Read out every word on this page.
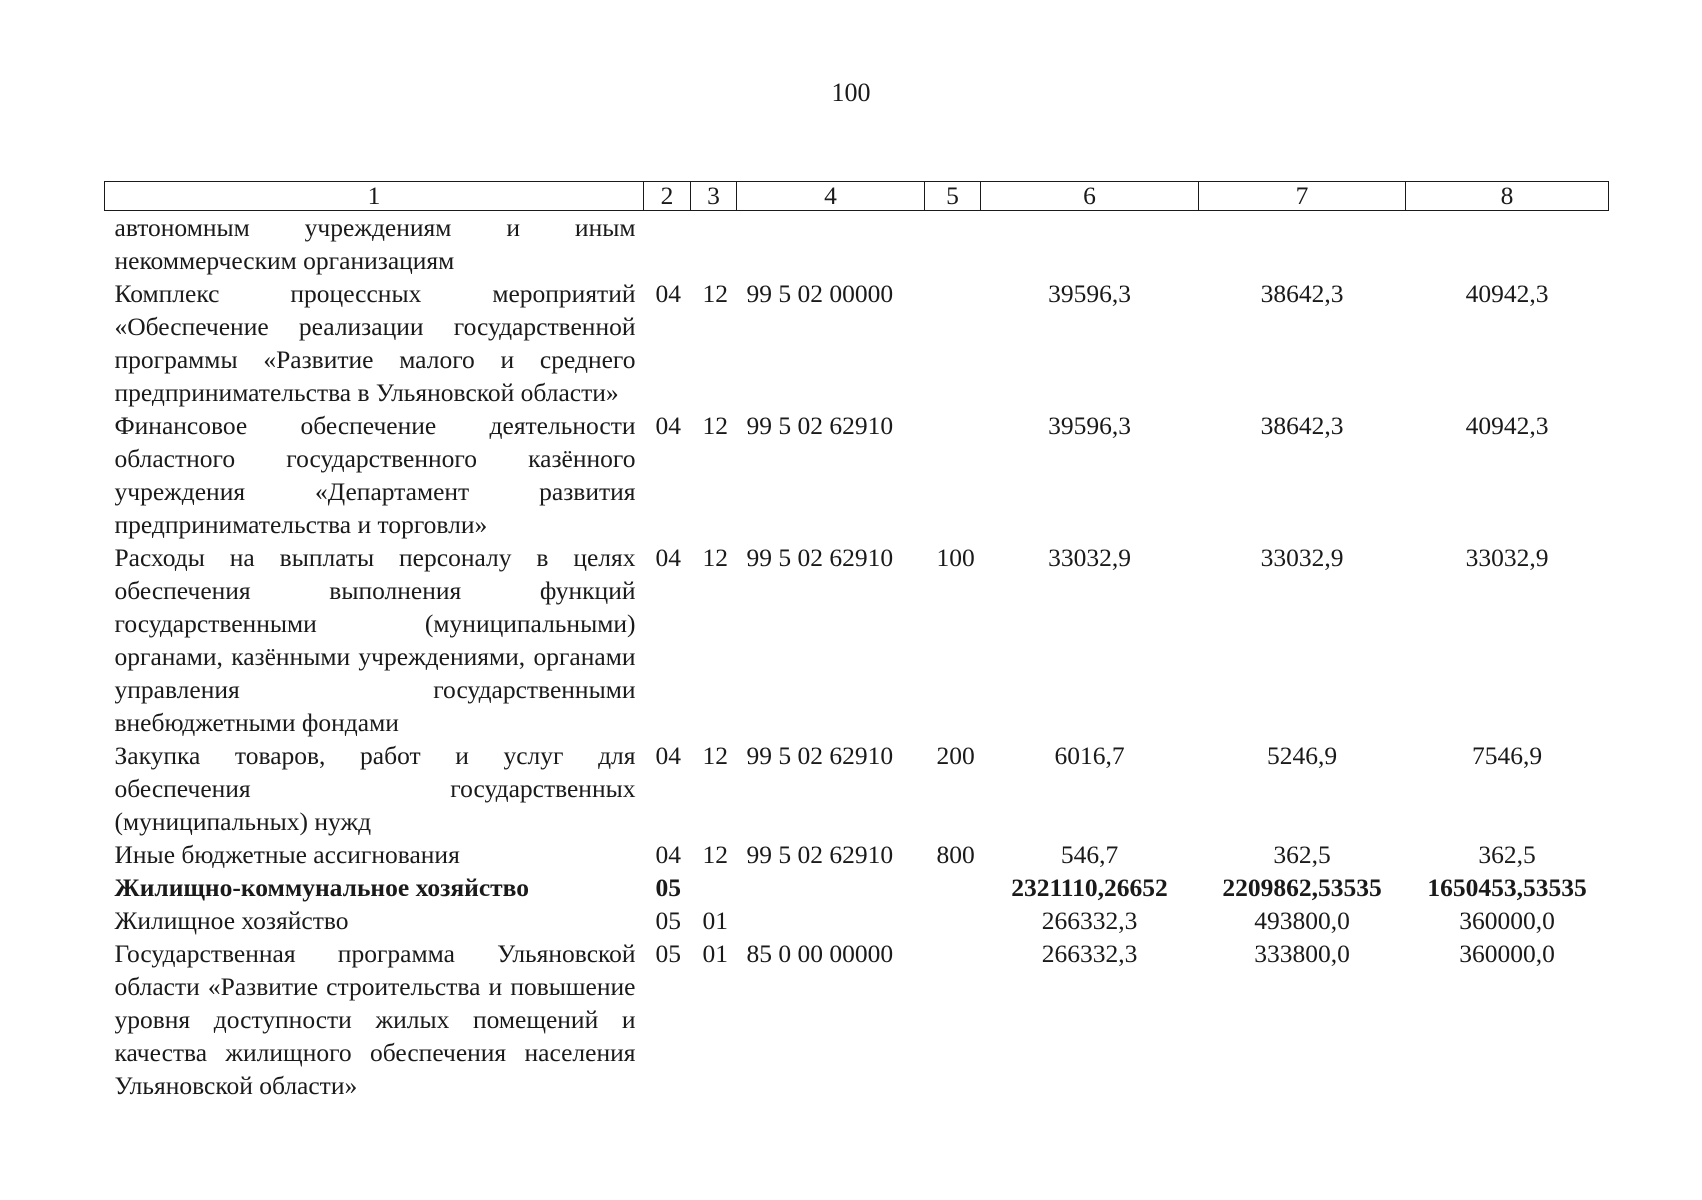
100
1	2	3	4	5	6	7	8
автономным учреждениям и иным некоммерческим организациям							
Комплекс процессных мероприятий «Обеспечение реализации государственной программы «Развитие малого и среднего предпринимательства в Ульяновской области»	04	12	99 5 02 00000		39596,3	38642,3	40942,3
Финансовое обеспечение деятельности областного государственного казённого учреждения «Департамент развития предпринимательства и торговли»	04	12	99 5 02 62910		39596,3	38642,3	40942,3
Расходы на выплаты персоналу в целях обеспечения выполнения функций государственными (муниципальными) органами, казёнными учреждениями, органами управления государственными внебюджетными фондами	04	12	99 5 02 62910	100	33032,9	33032,9	33032,9
Закупка товаров, работ и услуг для обеспечения государственных (муниципальных) нужд	04	12	99 5 02 62910	200	6016,7	5246,9	7546,9
Иные бюджетные ассигнования	04	12	99 5 02 62910	800	546,7	362,5	362,5
Жилищно-коммунальное хозяйство	05				2321110,26652	2209862,53535	1650453,53535
Жилищное хозяйство	05	01			266332,3	493800,0	360000,0
Государственная программа Ульяновской области «Развитие строительства и повышение уровня доступности жилых помещений и качества жилищного обеспечения населения Ульяновской области»	05	01	85 0 00 00000		266332,3	333800,0	360000,0
